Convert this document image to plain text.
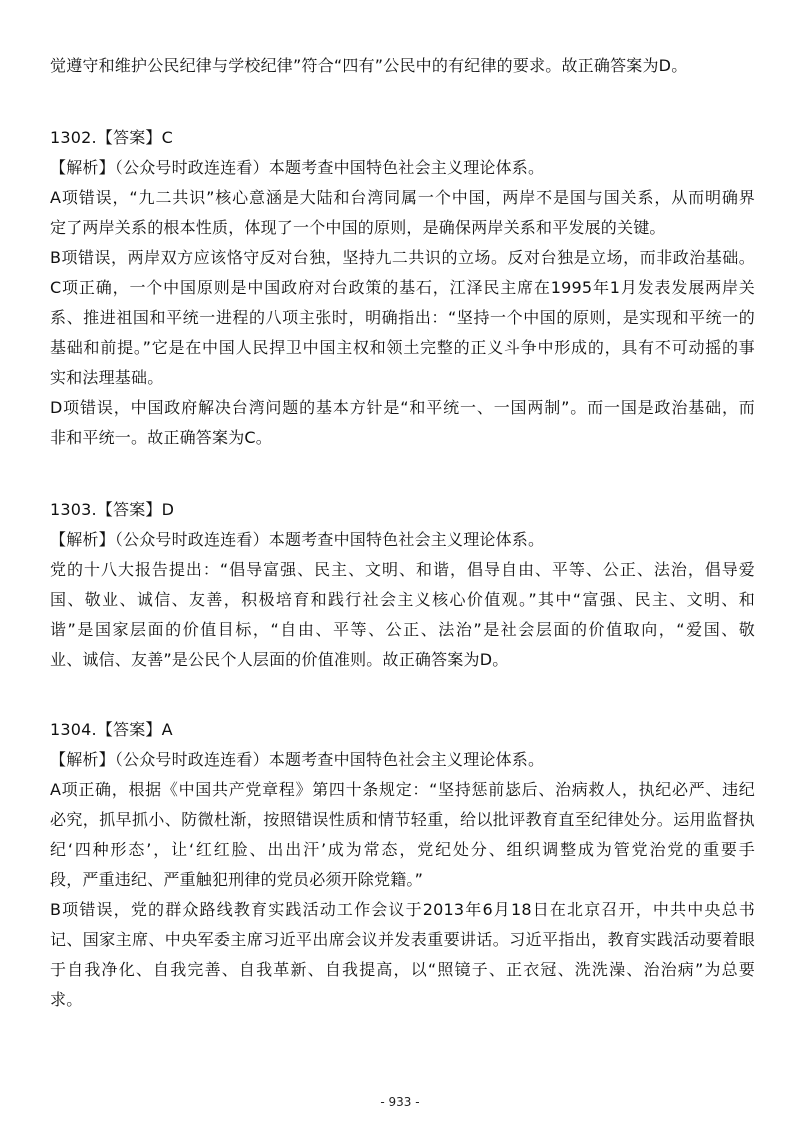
觉遵守和维护公民纪律与学校纪律”符合“四有”公民中的有纪律的要求。故正确答案为D。
1302.【答案】C
【解析】（公众号时政连连看）本题考查中国特色社会主义理论体系。
A项错误，“九二共识”核心意涵是大陆和台湾同属一个中国，两岸不是国与国关系，从而明确界
定了两岸关系的根本性质，体现了一个中国的原则，是确保两岸关系和平发展的关键。
B项错误，两岸双方应该恪守反对台独，坚持九二共识的立场。反对台独是立场，而非政治基础。
C项正确，一个中国原则是中国政府对台政策的基石，江泽民主席在1995年1月发表发展两岸关
系、推进祖国和平统一进程的八项主张时，明确指出：“坚持一个中国的原则，是实现和平统一的
基础和前提。”它是在中国人民捍卫中国主权和领土完整的正义斗争中形成的，具有不可动摇的事
实和法理基础。
D项错误，中国政府解决台湾问题的基本方针是“和平统一、一国两制”。而一国是政治基础，而
非和平统一。故正确答案为C。
1303.【答案】D
【解析】（公众号时政连连看）本题考查中国特色社会主义理论体系。
党的十八大报告提出：“倡导富强、民主、文明、和谐，倡导自由、平等、公正、法治，倡导爱
国、敬业、诚信、友善，积极培育和践行社会主义核心价值观。”其中“富强、民主、文明、和
谐”是国家层面的价值目标，“自由、平等、公正、法治”是社会层面的价值取向，“爱国、敬
业、诚信、友善”是公民个人层面的价值准则。故正确答案为D。
1304.【答案】A
【解析】（公众号时政连连看）本题考查中国特色社会主义理论体系。
A项正确，根据《中国共产党章程》第四十条规定：“坚持惩前毖后、治病救人，执纪必严、违纪
必究，抓早抓小、防微杜渐，按照错误性质和情节轻重，给以批评教育直至纪律处分。运用监督执
纪‘四种形态’，让‘红红脸、出出汗’成为常态，党纪处分、组织调整成为管党治党的重要手
段，严重违纪、严重触犯刑律的党员必须开除党籍。”
B项错误，党的群众路线教育实践活动工作会议于2013年6月18日在北京召开，中共中央总书
记、国家主席、中央军委主席习近平出席会议并发表重要讲话。习近平指出，教育实践活动要着眼
于自我净化、自我完善、自我革新、自我提高，以“照镜子、正衣冠、洗洗澡、治治病”为总要
求。
- 933 -
